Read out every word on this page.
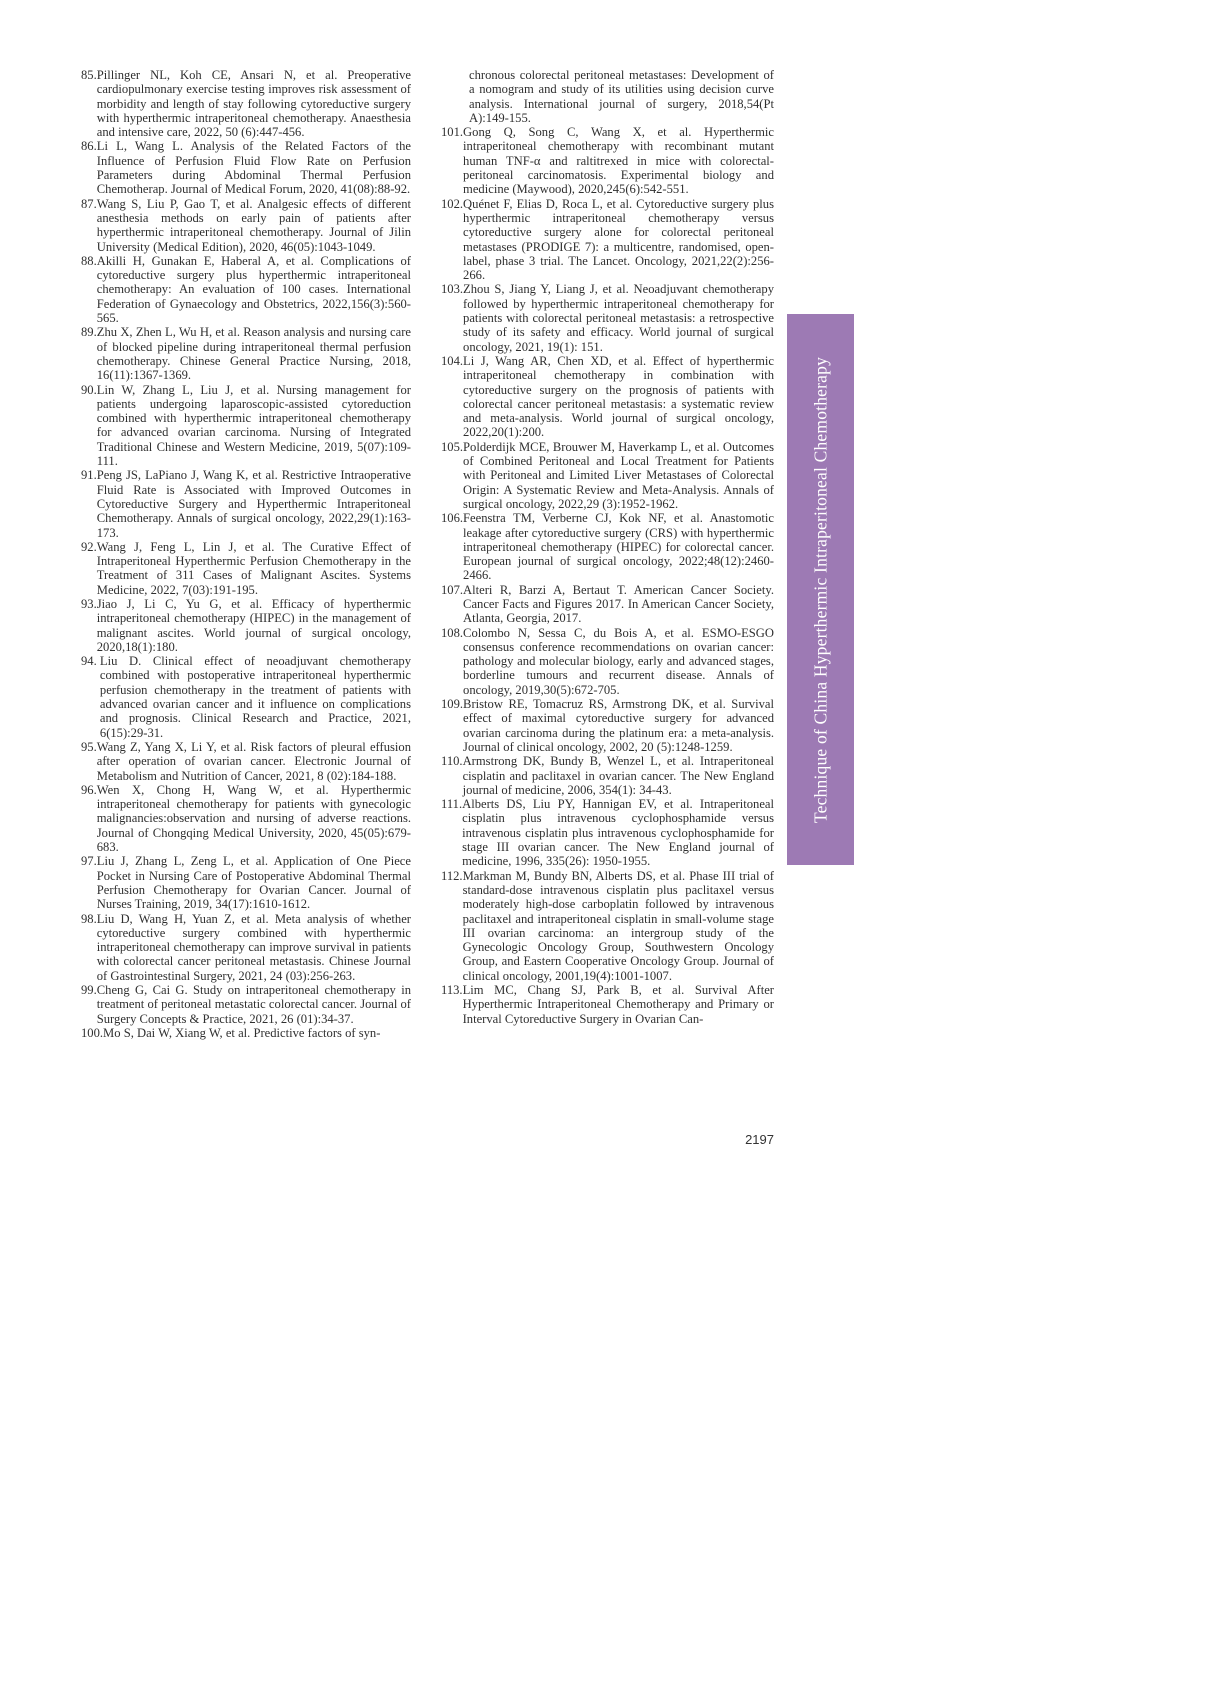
85. Pillinger NL, Koh CE, Ansari N, et al. Preoperative cardiopulmonary exercise testing improves risk assessment of morbidity and length of stay following cytoreductive surgery with hyperthermic intraperitoneal chemotherapy. Anaesthesia and intensive care, 2022, 50 (6):447-456.
86. Li L, Wang L. Analysis of the Related Factors of the Influence of Perfusion Fluid Flow Rate on Perfusion Parameters during Abdominal Thermal Perfusion Chemotherap. Journal of Medical Forum, 2020, 41(08):88-92.
87. Wang S, Liu P, Gao T, et al. Analgesic effects of different anesthesia methods on early pain of patients after hyperthermic intraperitoneal chemotherapy. Journal of Jilin University (Medical Edition), 2020, 46(05):1043-1049.
88. Akilli H, Gunakan E, Haberal A, et al. Complications of cytoreductive surgery plus hyperthermic intraperitoneal chemotherapy: An evaluation of 100 cases. International Federation of Gynaecology and Obstetrics, 2022,156(3):560-565.
89. Zhu X, Zhen L, Wu H, et al. Reason analysis and nursing care of blocked pipeline during intraperitoneal thermal perfusion chemotherapy. Chinese General Practice Nursing, 2018, 16(11):1367-1369.
90. Lin W, Zhang L, Liu J, et al. Nursing management for patients undergoing laparoscopic-assisted cytoreduction combined with hyperthermic intraperitoneal chemotherapy for advanced ovarian carcinoma. Nursing of Integrated Traditional Chinese and Western Medicine, 2019, 5(07):109-111.
91. Peng JS, LaPiano J, Wang K, et al. Restrictive Intraoperative Fluid Rate is Associated with Improved Outcomes in Cytoreductive Surgery and Hyperthermic Intraperitoneal Chemotherapy. Annals of surgical oncology, 2022,29(1):163-173.
92. Wang J, Feng L, Lin J, et al. The Curative Effect of Intraperitoneal Hyperthermic Perfusion Chemotherapy in the Treatment of 311 Cases of Malignant Ascites. Systems Medicine, 2022, 7(03):191-195.
93. Jiao J, Li C, Yu G, et al. Efficacy of hyperthermic intraperitoneal chemotherapy (HIPEC) in the management of malignant ascites. World journal of surgical oncology, 2020,18(1):180.
94. Liu D. Clinical effect of neoadjuvant chemotherapy combined with postoperative intraperitoneal hyperthermic perfusion chemotherapy in the treatment of patients with advanced ovarian cancer and it influence on complications and prognosis. Clinical Research and Practice, 2021, 6(15):29-31.
95. Wang Z, Yang X, Li Y, et al. Risk factors of pleural effusion after operation of ovarian cancer. Electronic Journal of Metabolism and Nutrition of Cancer, 2021, 8 (02):184-188.
96. Wen X, Chong H, Wang W, et al. Hyperthermic intraperitoneal chemotherapy for patients with gynecologic malignancies:observation and nursing of adverse reactions. Journal of Chongqing Medical University, 2020, 45(05):679-683.
97. Liu J, Zhang L, Zeng L, et al. Application of One Piece Pocket in Nursing Care of Postoperative Abdominal Thermal Perfusion Chemotherapy for Ovarian Cancer. Journal of Nurses Training, 2019, 34(17):1610-1612.
98. Liu D, Wang H, Yuan Z, et al. Meta analysis of whether cytoreductive surgery combined with hyperthermic intraperitoneal chemotherapy can improve survival in patients with colorectal cancer peritoneal metastasis. Chinese Journal of Gastrointestinal Surgery, 2021, 24 (03):256-263.
99. Cheng G, Cai G. Study on intraperitoneal chemotherapy in treatment of peritoneal metastatic colorectal cancer. Journal of Surgery Concepts & Practice, 2021, 26 (01):34-37.
100. Mo S, Dai W, Xiang W, et al. Predictive factors of syn-
chronous colorectal peritoneal metastases: Development of a nomogram and study of its utilities using decision curve analysis. International journal of surgery, 2018,54(Pt A):149-155.
101. Gong Q, Song C, Wang X, et al. Hyperthermic intraperitoneal chemotherapy with recombinant mutant human TNF-α and raltitrexed in mice with colorectal-peritoneal carcinomatosis. Experimental biology and medicine (Maywood), 2020,245(6):542-551.
102. Quénet F, Elias D, Roca L, et al. Cytoreductive surgery plus hyperthermic intraperitoneal chemotherapy versus cytoreductive surgery alone for colorectal peritoneal metastases (PRODIGE 7): a multicentre, randomised, open-label, phase 3 trial. The Lancet. Oncology, 2021,22(2):256-266.
103. Zhou S, Jiang Y, Liang J, et al. Neoadjuvant chemotherapy followed by hyperthermic intraperitoneal chemotherapy for patients with colorectal peritoneal metastasis: a retrospective study of its safety and efficacy. World journal of surgical oncology, 2021, 19(1): 151.
104. Li J, Wang AR, Chen XD, et al. Effect of hyperthermic intraperitoneal chemotherapy in combination with cytoreductive surgery on the prognosis of patients with colorectal cancer peritoneal metastasis: a systematic review and meta-analysis. World journal of surgical oncology, 2022,20(1):200.
105. Polderdijk MCE, Brouwer M, Haverkamp L, et al. Outcomes of Combined Peritoneal and Local Treatment for Patients with Peritoneal and Limited Liver Metastases of Colorectal Origin: A Systematic Review and Meta-Analysis. Annals of surgical oncology, 2022,29 (3):1952-1962.
106. Feenstra TM, Verberne CJ, Kok NF, et al. Anastomotic leakage after cytoreductive surgery (CRS) with hyperthermic intraperitoneal chemotherapy (HIPEC) for colorectal cancer. European journal of surgical oncology, 2022;48(12):2460-2466.
107. Alteri R, Barzi A, Bertaut T. American Cancer Society. Cancer Facts and Figures 2017. In American Cancer Society, Atlanta, Georgia, 2017.
108. Colombo N, Sessa C, du Bois A, et al. ESMO-ESGO consensus conference recommendations on ovarian cancer: pathology and molecular biology, early and advanced stages, borderline tumours and recurrent disease. Annals of oncology, 2019,30(5):672-705.
109. Bristow RE, Tomacruz RS, Armstrong DK, et al. Survival effect of maximal cytoreductive surgery for advanced ovarian carcinoma during the platinum era: a meta-analysis. Journal of clinical oncology, 2002, 20 (5):1248-1259.
110. Armstrong DK, Bundy B, Wenzel L, et al. Intraperitoneal cisplatin and paclitaxel in ovarian cancer. The New England journal of medicine, 2006, 354(1): 34-43.
111. Alberts DS, Liu PY, Hannigan EV, et al. Intraperitoneal cisplatin plus intravenous cyclophosphamide versus intravenous cisplatin plus intravenous cyclophosphamide for stage III ovarian cancer. The New England journal of medicine, 1996, 335(26): 1950-1955.
112. Markman M, Bundy BN, Alberts DS, et al. Phase III trial of standard-dose intravenous cisplatin plus paclitaxel versus moderately high-dose carboplatin followed by intravenous paclitaxel and intraperitoneal cisplatin in small-volume stage III ovarian carcinoma: an intergroup study of the Gynecologic Oncology Group, Southwestern Oncology Group, and Eastern Cooperative Oncology Group. Journal of clinical oncology, 2001,19(4):1001-1007.
113. Lim MC, Chang SJ, Park B, et al. Survival After Hyperthermic Intraperitoneal Chemotherapy and Primary or Interval Cytoreductive Surgery in Ovarian Can-
Technique of China Hyperthermic Intraperitoneal Chemotherapy
2197
